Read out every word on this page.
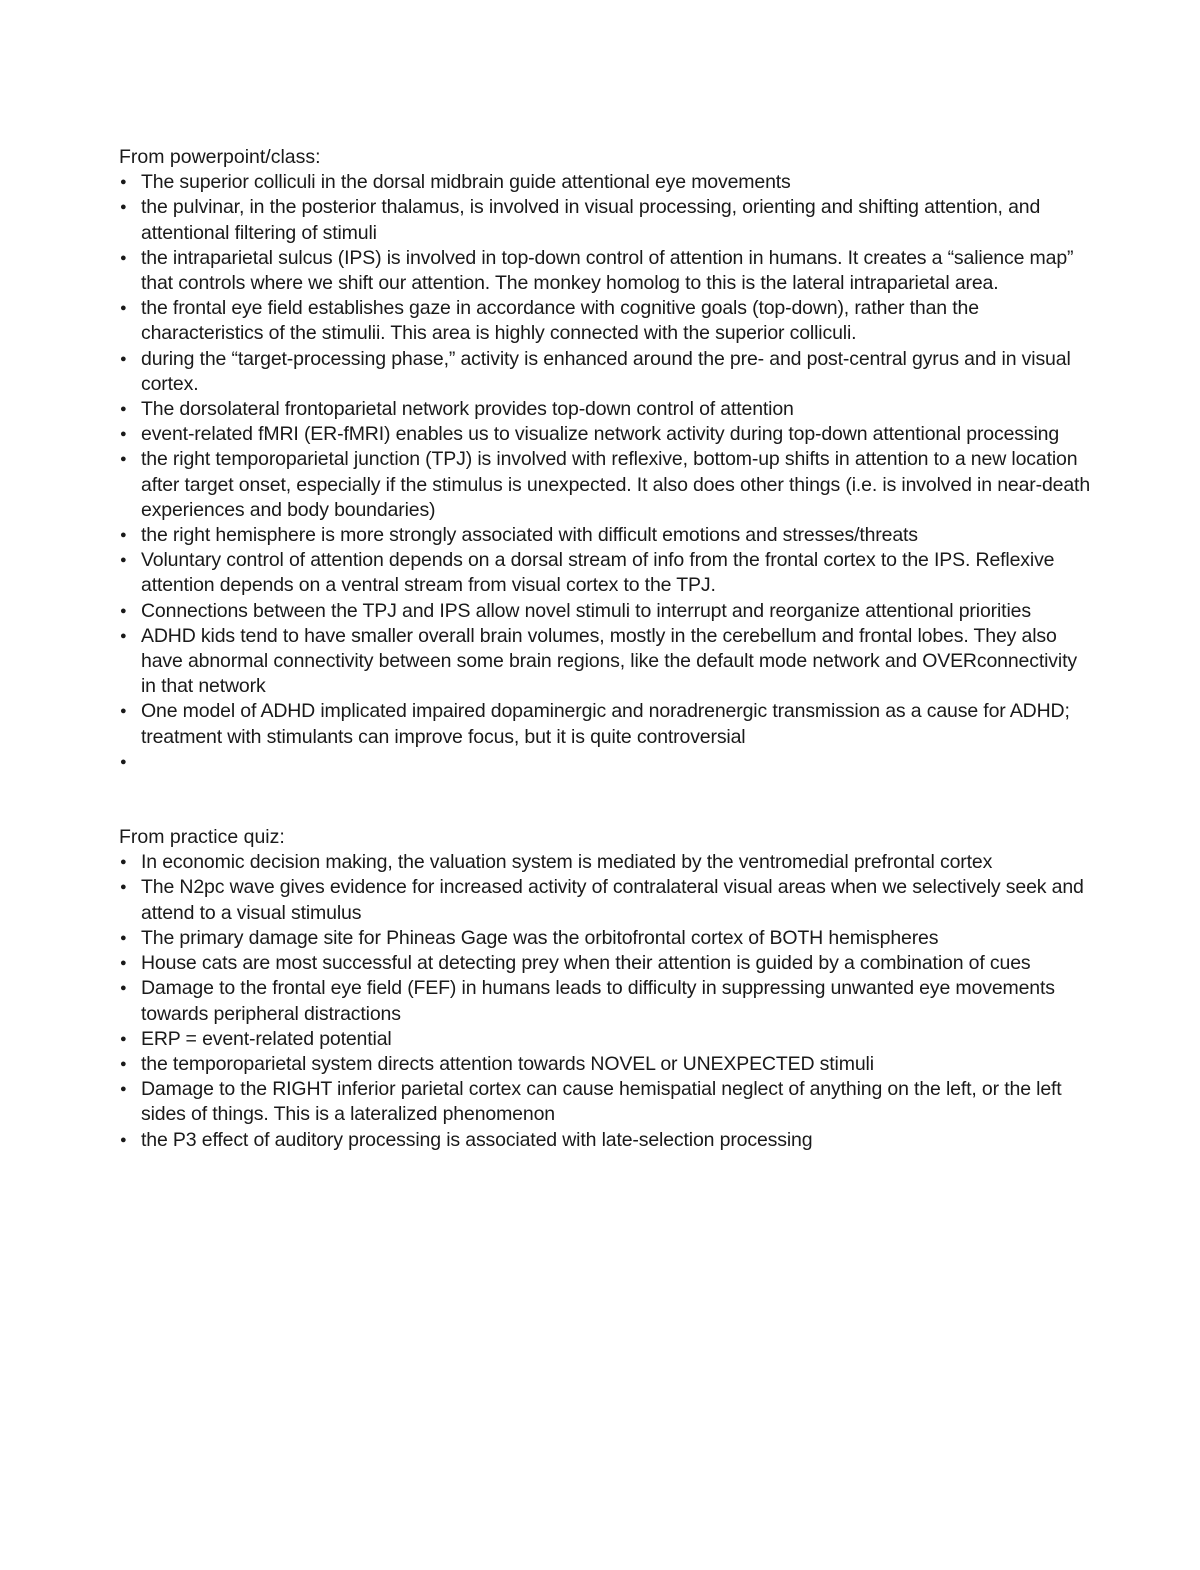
From powerpoint/class:

● The superior colliculi in the dorsal midbrain guide attentional eye movements
● the pulvinar, in the posterior thalamus, is involved in visual processing, orienting and shifting attention, and attentional filtering of stimuli
● the intraparietal sulcus (IPS) is involved in top-down control of attention in humans. It creates a “salience map” that controls where we shift our attention. The monkey homolog to this is the lateral intraparietal area.
● the frontal eye field establishes gaze in accordance with cognitive goals (top-down), rather than the characteristics of the stimulii. This area is highly connected with the superior colliculi.
● during the “target-processing phase,” activity is enhanced around the pre- and post-central gyrus and in visual cortex.
● The dorsolateral frontoparietal network provides top-down control of attention
● event-related fMRI (ER-fMRI) enables us to visualize network activity during top-down attentional processing
● the right temporoparietal junction (TPJ) is involved with reflexive, bottom-up shifts in attention to a new location after target onset, especially if the stimulus is unexpected. It also does other things (i.e. is involved in near-death experiences and body boundaries)
● the right hemisphere is more strongly associated with difficult emotions and stresses/threats
● Voluntary control of attention depends on a dorsal stream of info from the frontal cortex to the IPS. Reflexive attention depends on a ventral stream from visual cortex to the TPJ.
● Connections between the TPJ and IPS allow novel stimuli to interrupt and reorganize attentional priorities
● ADHD kids tend to have smaller overall brain volumes, mostly in the cerebellum and frontal lobes. They also have abnormal connectivity between some brain regions, like the default mode network and OVERconnectivity in that network
● One model of ADHD implicated impaired dopaminergic and noradrenergic transmission as a cause for ADHD; treatment with stimulants can improve focus, but it is quite controversial
●

From practice quiz:

● In economic decision making, the valuation system is mediated by the ventromedial prefrontal cortex
● The N2pc wave gives evidence for increased activity of contralateral visual areas when we selectively seek and attend to a visual stimulus
● The primary damage site for Phineas Gage was the orbitofrontal cortex of BOTH hemispheres
● House cats are most successful at detecting prey when their attention is guided by a combination of cues
● Damage to the frontal eye field (FEF) in humans leads to difficulty in suppressing unwanted eye movements towards peripheral distractions
● ERP = event-related potential
● the temporoparietal system directs attention towards NOVEL or UNEXPECTED stimuli
● Damage to the RIGHT inferior parietal cortex can cause hemispatial neglect of anything on the left, or the left sides of things. This is a lateralized phenomenon
● the P3 effect of auditory processing is associated with late-selection processing
